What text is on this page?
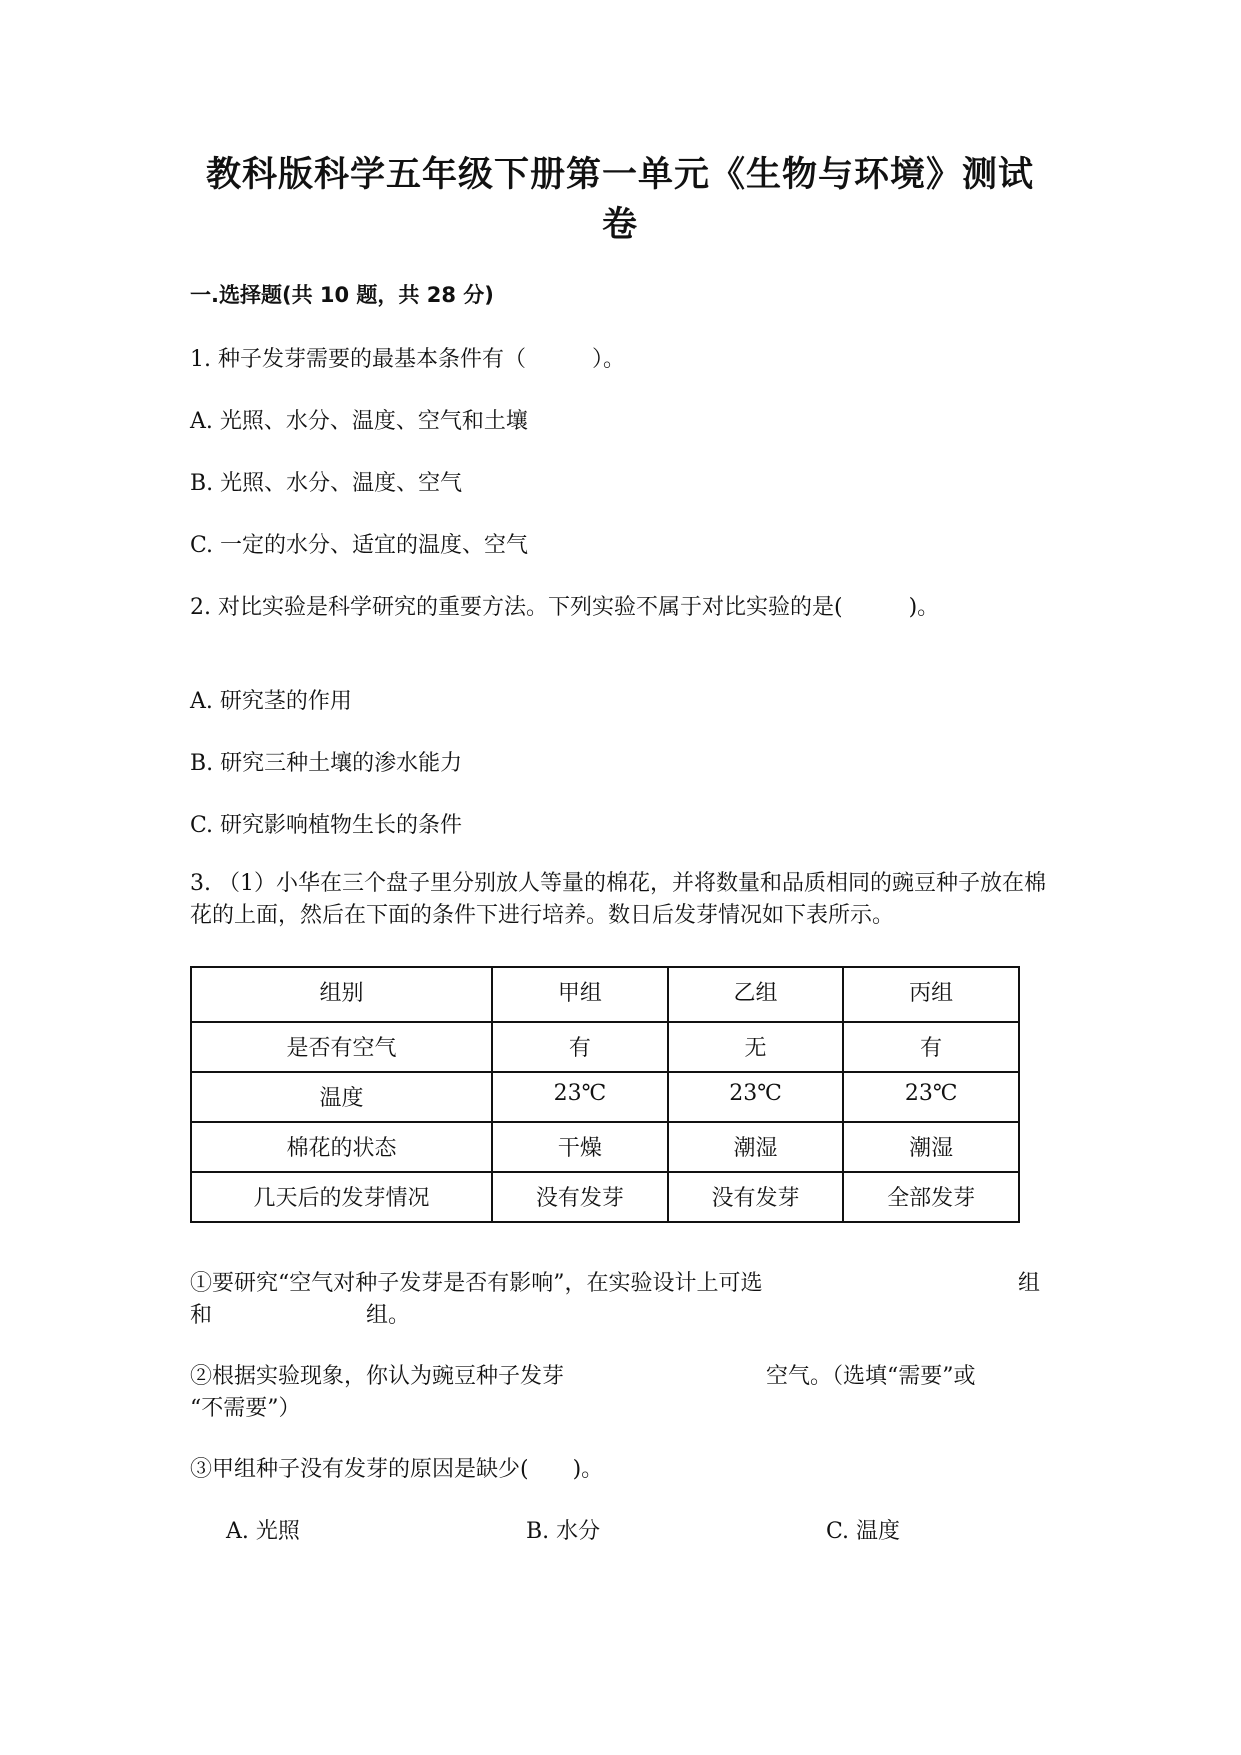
教科版科学五年级下册第一单元《生物与环境》测试卷
一.选择题(共 10 题，共 28 分)
1. 种子发芽需要的最基本条件有（　　　）。
A. 光照、水分、温度、空气和土壤
B. 光照、水分、温度、空气
C. 一定的水分、适宜的温度、空气
2. 对比实验是科学研究的重要方法。下列实验不属于对比实验的是(　　　)。
A. 研究茎的作用
B. 研究三种土壤的渗水能力
C. 研究影响植物生长的条件
3. （1）小华在三个盘子里分别放人等量的棉花，并将数量和品质相同的豌豆种子放在棉花的上面，然后在下面的条件下进行培养。数日后发芽情况如下表所示。
组别	甲组	乙组	丙组
是否有空气	有	无	有
温度	23℃	23℃	23℃
棉花的状态	干燥	潮湿	潮湿
几天后的发芽情况	没有发芽	没有发芽	全部发芽
①要研究“空气对种子发芽是否有影响”，在实验设计上可选	组
和	组。
②根据实验现象，你认为豌豆种子发芽	空气。（选填“需要”或
“不需要”）
③甲组种子没有发芽的原因是缺少(　　)。
A. 光照	B. 水分	C. 温度
